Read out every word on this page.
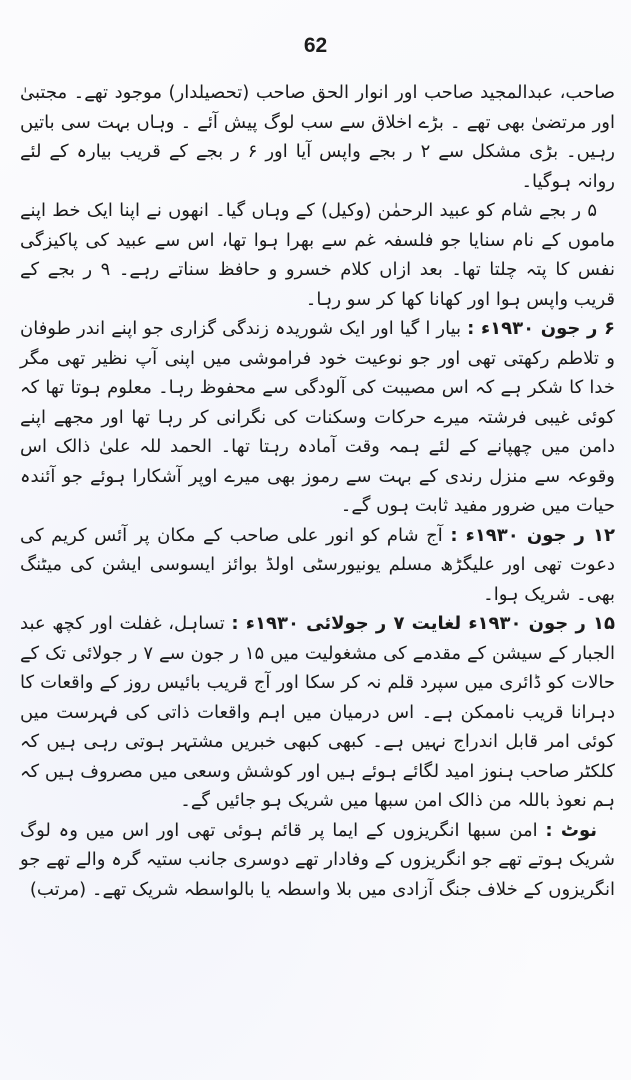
62

صاحب، عبدالمجید صاحب اور انوار الحق صاحب (تحصیلدار) موجود تھے۔ مجتبیٰ اور مرتضیٰ بھی تھے ۔ بڑے اخلاق سے سب لوگ پیش آئے ۔ وہاں بہت سی باتیں رہیں۔ بڑی مشکل سے ۲ ر بجے واپس آیا اور ۶ ر بجے کے قریب بیارہ کے لئے روانہ ہوگیا۔

۵ ر بجے شام کو عبید الرحمٰن (وکیل) کے وہاں گیا۔ انھوں نے اپنا ایک خط اپنے ماموں کے نام سنایا جو فلسفہ غم سے بھرا ہوا تھا، اس سے عبید کی پاکیزگی نفس کا پتہ چلتا تھا۔ بعد ازاں کلام خسرو و حافظ سناتے رہے۔ ۹ ر بجے کے قریب واپس ہوا اور کھانا کھا کر سو رہا۔

۶ ر جون ۱۹۳۰ء : بیار ا گیا اور ایک شوریدہ زندگی گزاری جو اپنے اندر طوفان و تلاطم رکھتی تھی اور جو نوعیت خود فراموشی میں اپنی آپ نظیر تھی مگر خدا کا شکر ہے کہ اس مصیبت کی آلودگی سے محفوظ رہا۔ معلوم ہوتا تھا کہ کوئی غیبی فرشتہ میرے حرکات وسکنات کی نگرانی کر رہا تھا اور مجھے اپنے دامن میں چھپانے کے لئے ہمہ وقت آمادہ رہتا تھا۔ الحمد للہ علیٰ ذالک اس وقوعہ سے منزل رندی کے بہت سے رموز بھی میرے اوپر آشکارا ہوئے جو آئندہ حیات میں ضرور مفید ثابت ہوں گے۔

۱۲ ر جون ۱۹۳۰ء : آج شام کو انور علی صاحب کے مکان پر آئس کریم کی دعوت تھی اور علیگڑھ مسلم یونیورسٹی اولڈ بوائز ایسوسی ایشن کی میٹنگ بھی۔ شریک ہوا۔

۱۵ ر جون ۱۹۳۰ء لغایت ۷ ر جولائی ۱۹۳۰ء : تساہل، غفلت اور کچھ عبد الجبار کے سیشن کے مقدمے کی مشغولیت میں ۱۵ ر جون سے ۷ ر جولائی تک کے حالات کو ڈائری میں سپرد قلم نہ کر سکا اور آج قریب بائیس روز کے واقعات کا دہرانا قریب ناممکن ہے۔ اس درمیان میں اہم واقعات ذاتی کی فہرست میں کوئی امر قابل اندراج نہیں ہے۔ کبھی کبھی خبریں مشتہر ہوتی رہی ہیں کہ کلکٹر صاحب ہنوز امید لگائے ہوئے ہیں اور کوشش وسعی میں مصروف ہیں کہ ہم نعوذ باللہ من ذالک امن سبھا میں شریک ہو جائیں گے۔

نوٹ : امن سبھا انگریزوں کے ایما پر قائم ہوئی تھی اور اس میں وہ لوگ شریک ہوتے تھے جو انگریزوں کے وفادار تھے دوسری جانب ستیہ گرہ والے تھے جو انگریزوں کے خلاف جنگ آزادی میں بلا واسطہ یا بالواسطہ شریک تھے۔ (مرتب)
